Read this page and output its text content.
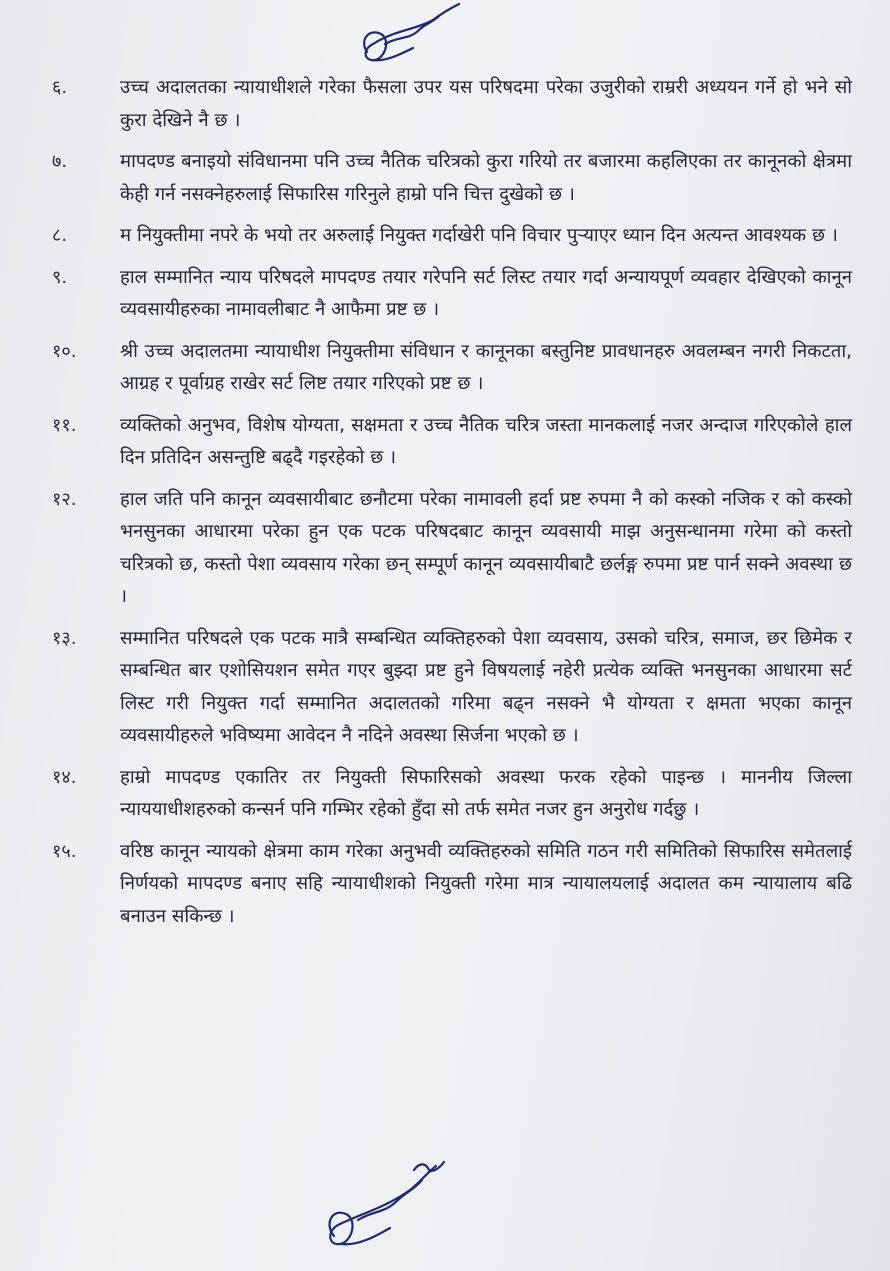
६.	उच्च अदालतका न्यायाधीशले गरेका फैसला उपर यस परिषदमा परेका उजुरीको राम्ररी अध्ययन गर्ने हो भने सो कुरा देखिने नै छ ।
७.	मापदण्ड बनाइयो संविधानमा पनि उच्च नैतिक चरित्रको कुरा गरियो तर बजारमा कहलिएका तर कानूनको क्षेत्रमा केही गर्न नसक्नेहरुलाई सिफारिस गरिनुले हाम्रो पनि चित्त दुखेको छ ।
८.	म नियुक्तीमा नपरे के भयो तर अरुलाई नियुक्त गर्दाखेरी पनि विचार पुऱ्याएर ध्यान दिन अत्यन्त आवश्यक छ ।
९.	हाल सम्मानित न्याय परिषदले मापदण्ड तयार गरेपनि सर्ट लिस्ट तयार गर्दा अन्यायपूर्ण व्यवहार देखिएको कानून व्यवसायीहरुका नामावलीबाट नै आफैमा प्रष्ट छ ।
१०.	श्री उच्च अदालतमा न्यायाधीश नियुक्तीमा संविधान र कानूनका बस्तुनिष्ट प्रावधानहरु अवलम्बन नगरी निकटता, आग्रह र पूर्वाग्रह राखेर सर्ट लिष्ट तयार गरिएको प्रष्ट छ ।
११.	व्यक्तिको अनुभव, विशेष योग्यता, सक्षमता र उच्च नैतिक चरित्र जस्ता मानकलाई नजर अन्दाज गरिएकोले हाल दिन प्रतिदिन असन्तुष्टि बढ्दै गइरहेको छ ।
१२.	हाल जति पनि कानून व्यवसायीबाट छनौटमा परेका नामावली हर्दा प्रष्ट रुपमा नै को कस्को नजिक र को कस्को भनसुनका आधारमा परेका हुन एक पटक परिषदबाट कानून व्यवसायी माझ अनुसन्धानमा गरेमा को कस्तो चरित्रको छ, कस्तो पेशा व्यवसाय गरेका छन् सम्पूर्ण कानून व्यवसायीबाटै छर्लङ्ग रुपमा प्रष्ट पार्न सक्ने अवस्था छ ।
१३.	सम्मानित परिषदले एक पटक मात्रै सम्बन्धित व्यक्तिहरुको पेशा व्यवसाय, उसको चरित्र, समाज, छर छिमेक र सम्बन्धित बार एशोसियशन समेत गएर बुझ्दा प्रष्ट हुने विषयलाई नहेरी प्रत्येक व्यक्ति भनसुनका आधारमा सर्ट लिस्ट गरी नियुक्त गर्दा सम्मानित अदालतको गरिमा बढ्न नसक्ने भै योग्यता र क्षमता भएका कानून व्यवसायीहरुले भविष्यमा आवेदन नै नदिने अवस्था सिर्जना भएको छ ।
१४.	हाम्रो मापदण्ड एकातिर तर नियुक्ती सिफारिसको अवस्था फरक रहेको पाइन्छ । माननीय जिल्ला न्याययाधीशहरुको कन्सर्न पनि गम्भिर रहेको हुँदा सो तर्फ समेत नजर हुन अनुरोध गर्दछु ।
१५.	वरिष्ठ कानून न्यायको क्षेत्रमा काम गरेका अनुभवी व्यक्तिहरुको समिति गठन गरी समितिको सिफारिस समेतलाई निर्णयको मापदण्ड बनाए सहि न्यायाधीशको नियुक्ती गरेमा मात्र न्यायालयलाई अदालत कम न्यायालाय बढि बनाउन सकिन्छ ।
